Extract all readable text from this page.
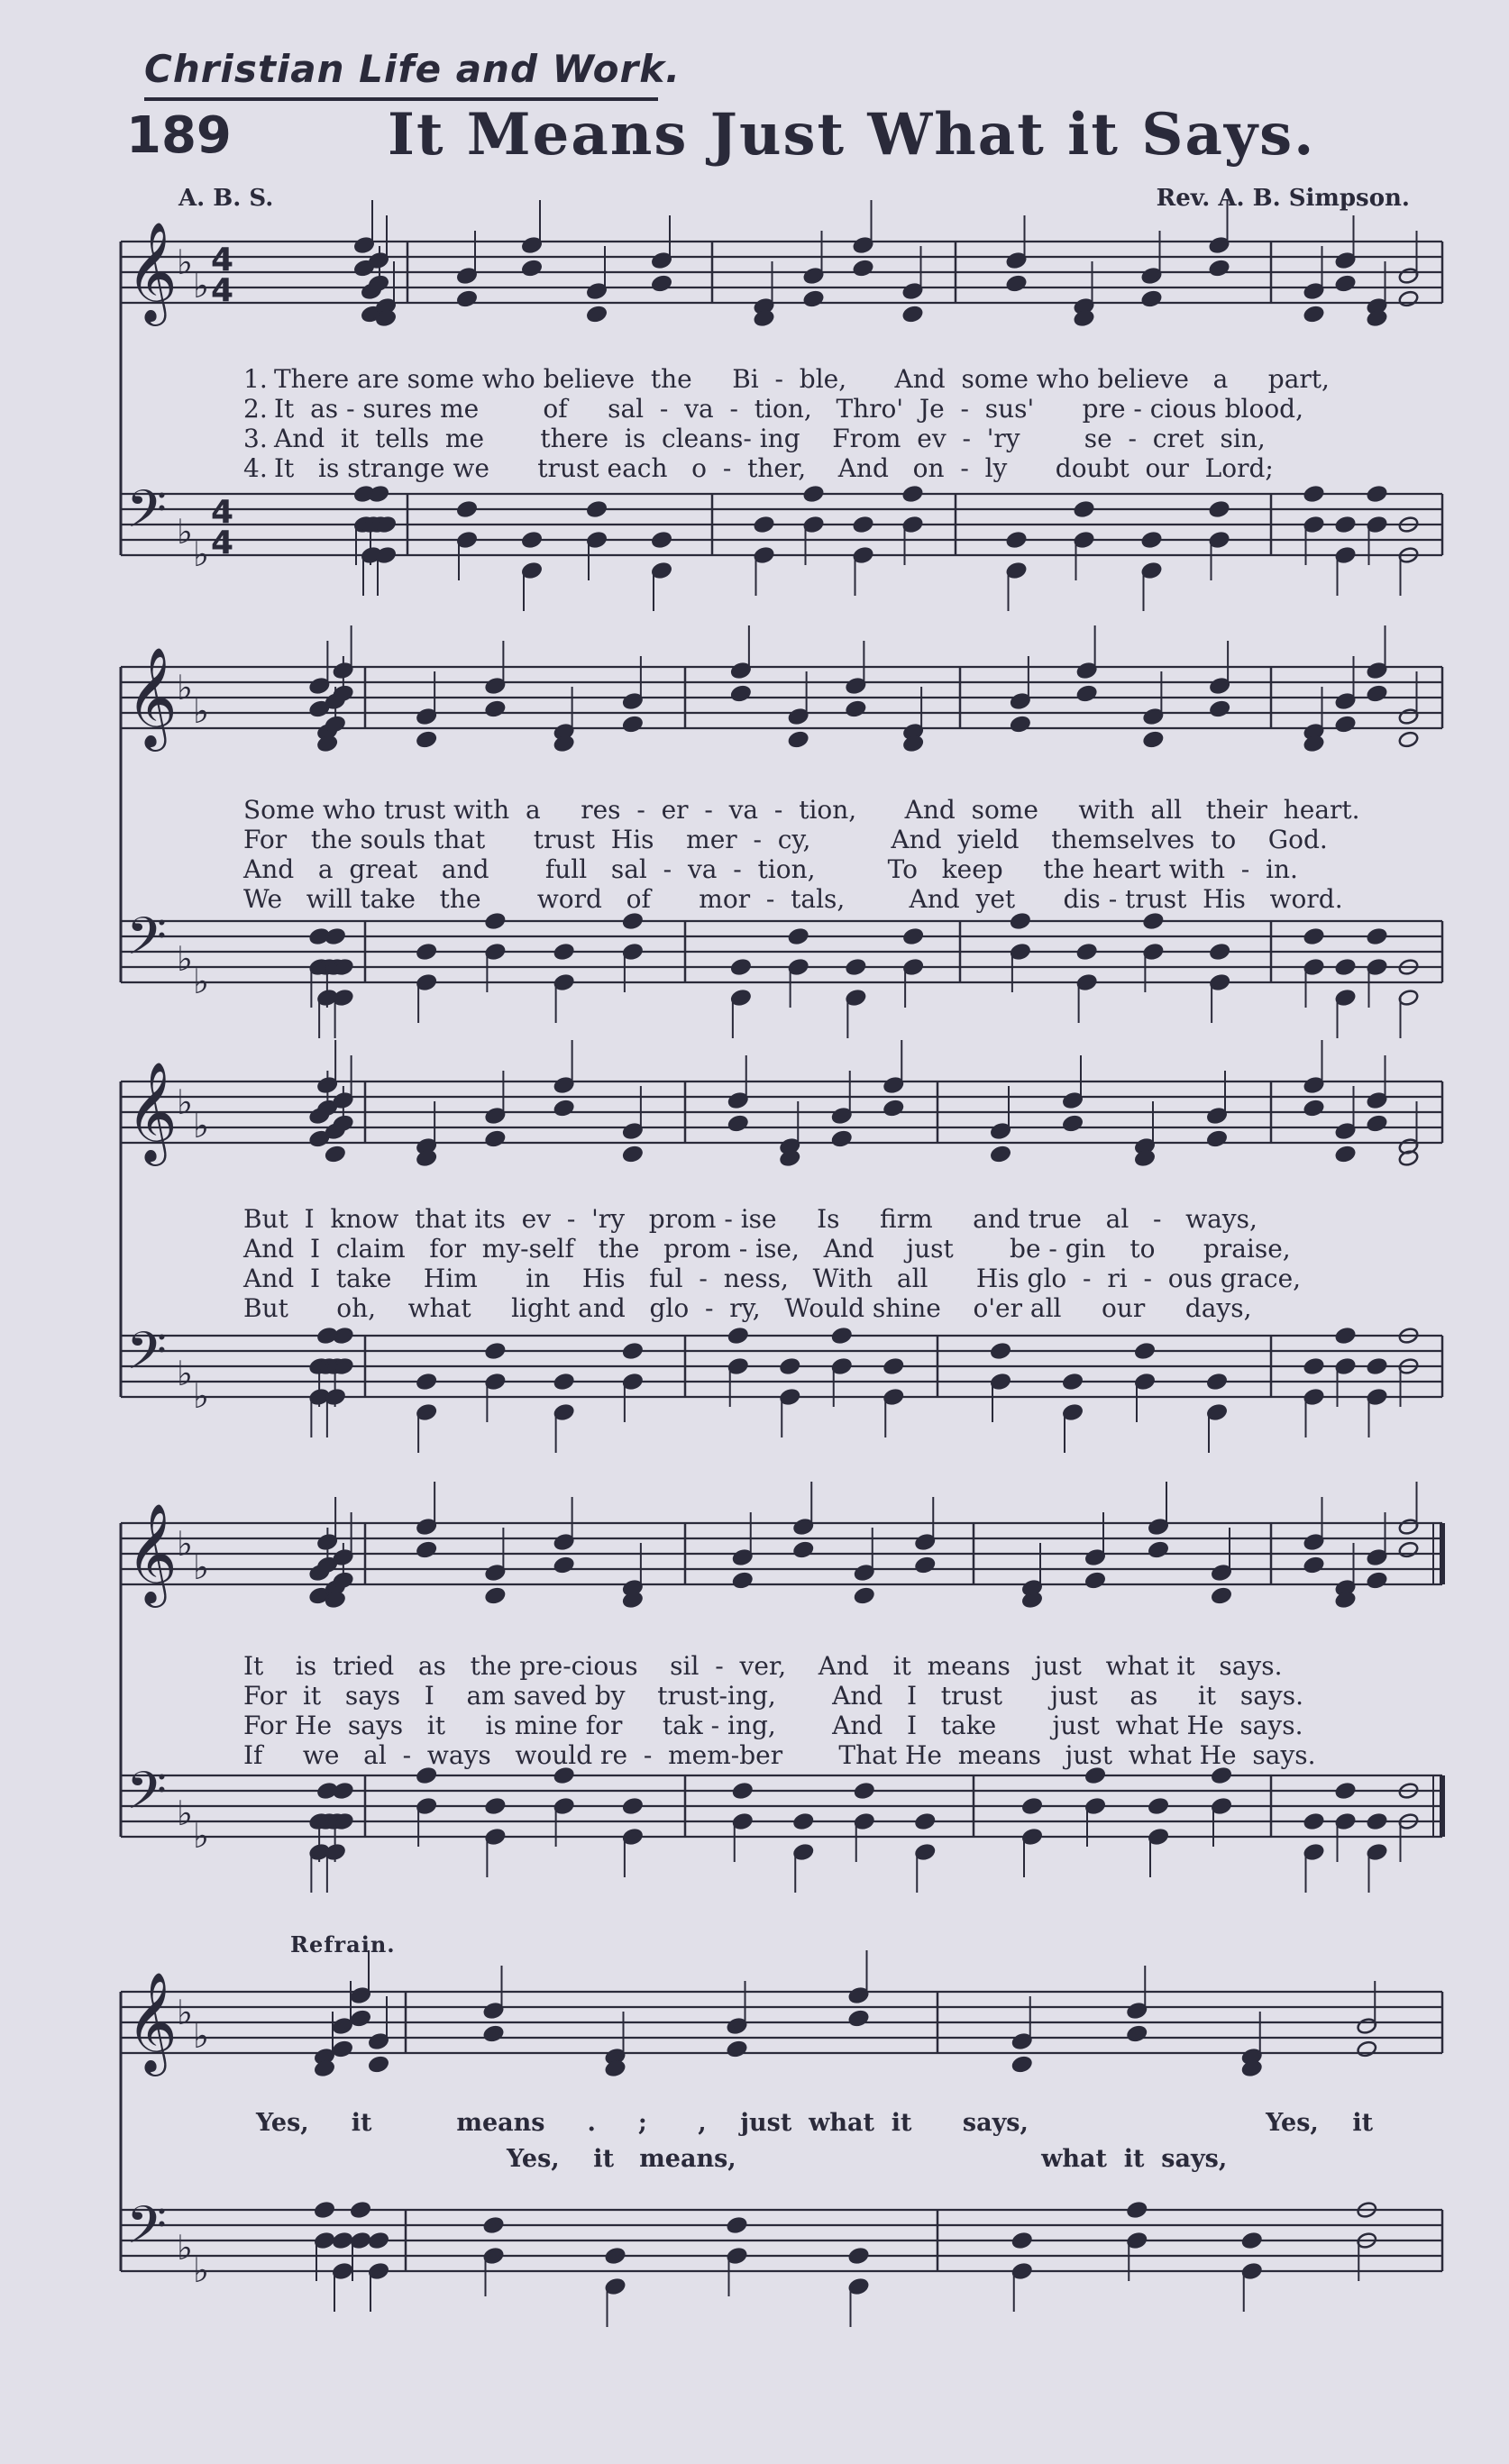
𝄞
𝄢
♭
♭
♭
♭
4
4
4
4
𝄞
𝄢
♭
♭
♭
♭
𝄞
𝄢
♭
♭
♭
♭
𝄞
𝄢
♭
♭
♭
♭
𝄞
𝄢
♭
♭
♭
♭
Christian Life and Work.
189	It Means Just What it Says.
A. B. S.	Rev. A. B. Simpson.
1. There are some who believe  the     Bi  -  ble,      And  some who believe   a     part,
2. It  as - sures me        of     sal  -  va  -  tion,   Thro'  Je  -  sus'      pre - cious blood,
3. And  it  tells  me       there  is  cleans- ing    From  ev  -  'ry        se  -  cret  sin,
4. It   is strange we      trust each   o  -  ther,    And   on  -  ly      doubt  our  Lord;
Some who trust with  a     res  -  er  -  va  -  tion,      And  some     with  all   their  heart.
For   the souls that      trust  His    mer  -  cy,          And  yield    themselves  to    God.
And   a  great   and       full   sal  -  va  -  tion,         To   keep     the heart with  -  in.
We   will take   the       word   of      mor  -  tals,        And  yet      dis - trust  His   word.
But  I  know  that its  ev  -  'ry   prom - ise     Is     firm     and true   al   -   ways,
And  I  claim   for  my-self   the   prom - ise,   And    just       be - gin   to      praise,
And  I  take    Him      in    His   ful  -  ness,   With   all      His glo  -  ri  -  ous grace,
But      oh,    what     light and   glo  -  ry,   Would shine    o'er all     our     days,
It    is  tried   as   the pre-cious    sil  -  ver,    And   it  means   just   what it   says.
For  it   says   I    am saved by    trust-ing,       And   I   trust      just    as     it   says.
For He  says   it     is mine for     tak - ing,       And   I   take       just  what He  says.
If     we   al  -  ways   would re  -  mem-ber       That He  means   just  what He  says.
Refrain.
Yes,     it          means     .     ;      ,    just  what  it      says,                            Yes,    it
Yes,    it   means,                                    what  it  says,
